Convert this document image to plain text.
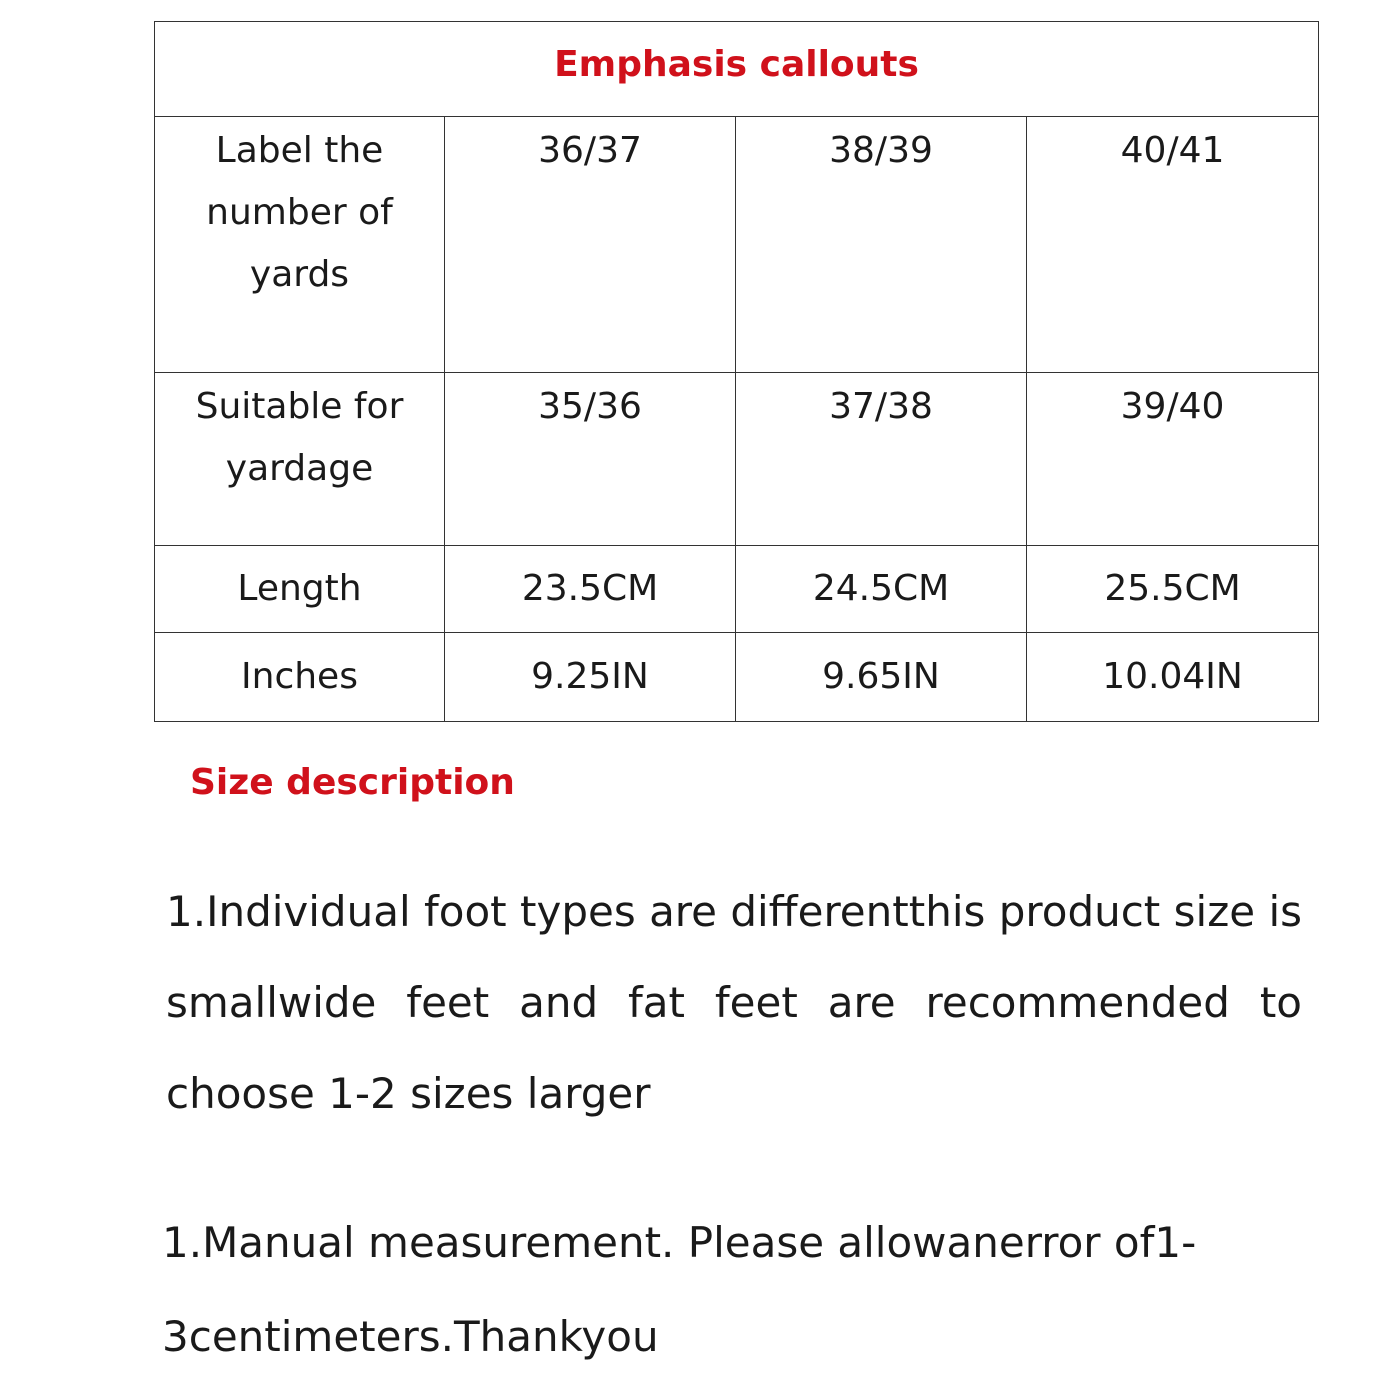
Emphasis callouts			
Label the number of yards	36/37	38/39	40/41
Suitable for yardage	35/36	37/38	39/40
Length	23.5CM	24.5CM	25.5CM
Inches	9.25IN	9.65IN	10.04IN
Size description

1.Individual foot types are differentthis product size is smallwide feet and fat feet are recommended to choose 1-2 sizes larger

1.Manual measurement. Please allowanerror of1-3centimeters.Thankyou
